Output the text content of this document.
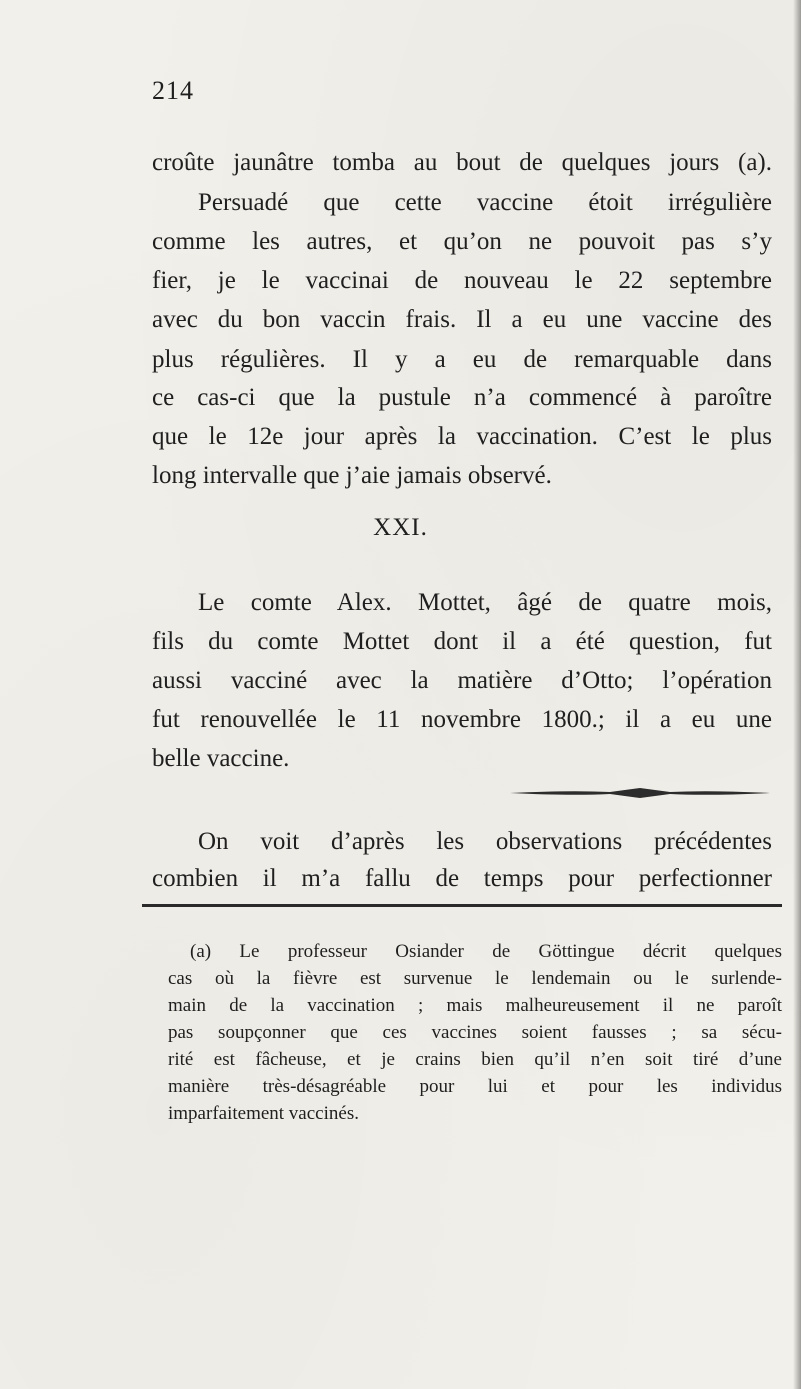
214
croûte jaunâtre tomba au bout de quelques jours (a).
Persuadé que cette vaccine étoit irrégulière
comme les autres, et qu’on ne pouvoit pas s’y
fier, je le vaccinai de nouveau le 22 septembre
avec du bon vaccin frais. Il a eu une vaccine des
plus régulières. Il y a eu de remarquable dans
ce cas-ci que la pustule n’a commencé à paroître
que le 12e jour après la vaccination. C’est le plus
long intervalle que j’aie jamais observé.
XXI.
Le comte Alex. Mottet, âgé de quatre mois,
fils du comte Mottet dont il a été question, fut
aussi vacciné avec la matière d’Otto; l’opération
fut renouvellée le 11 novembre 1800.; il a eu une
belle vaccine.
On voit d’après les observations précédentes
combien il m’a fallu de temps pour perfectionner
(a) Le professeur Osiander de Göttingue décrit quelques
cas où la fièvre est survenue le lendemain ou le surlende-
main de la vaccination ; mais malheureusement il ne paroît
pas soupçonner que ces vaccines soient fausses ; sa sécu-
rité est fâcheuse, et je crains bien qu’il n’en soit tiré d’une
manière très-désagréable pour lui et pour les individus
imparfaitement vaccinés.
